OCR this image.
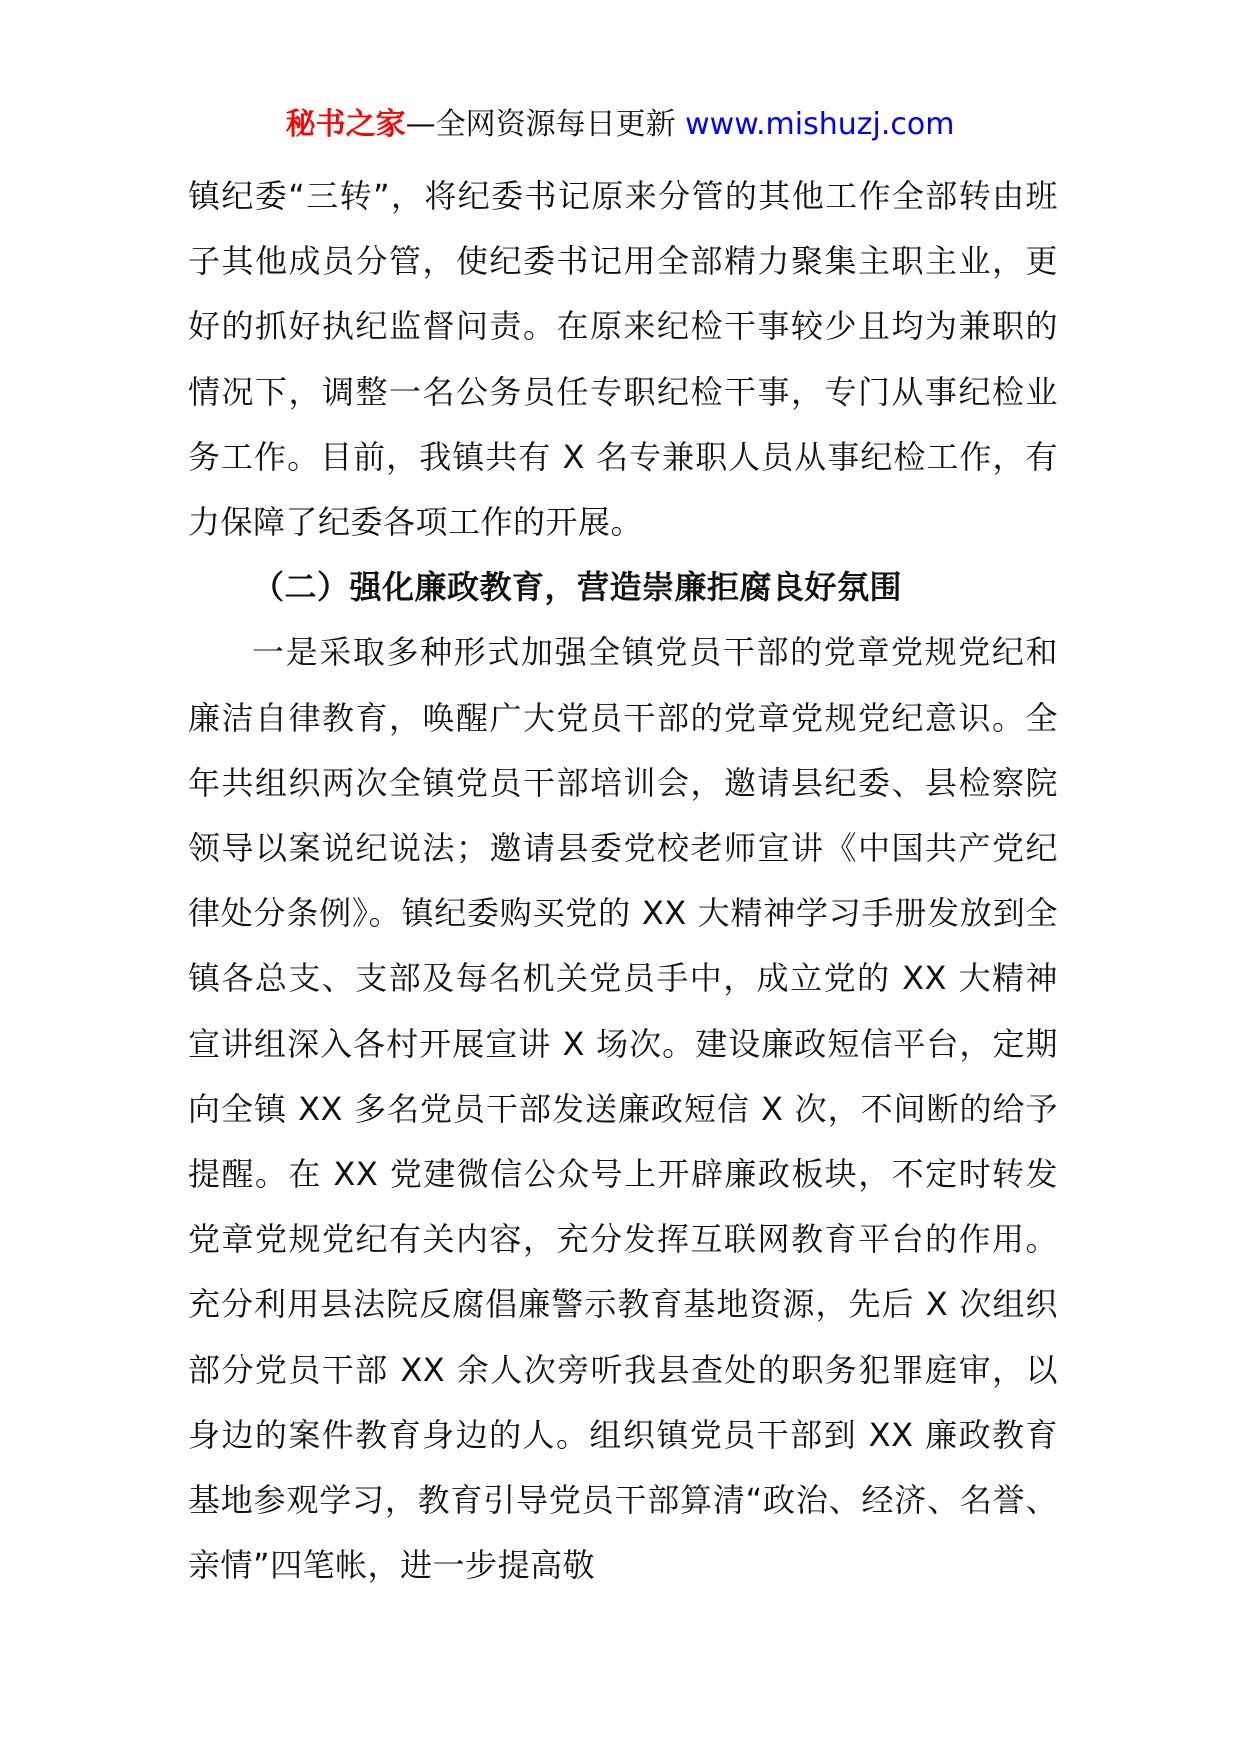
秘书之家—全网资源每日更新 www.mishuzj.com

镇纪委“三转”，将纪委书记原来分管的其他工作全部转由班子其他成员分管，使纪委书记用全部精力聚集主职主业，更好的抓好执纪监督问责。在原来纪检干事较少且均为兼职的情况下，调整一名公务员任专职纪检干事，专门从事纪检业务工作。目前，我镇共有 X 名专兼职人员从事纪检工作，有力保障了纪委各项工作的开展。

（二）强化廉政教育，营造崇廉拒腐良好氛围

一是采取多种形式加强全镇党员干部的党章党规党纪和廉洁自律教育，唤醒广大党员干部的党章党规党纪意识。全年共组织两次全镇党员干部培训会，邀请县纪委、县检察院领导以案说纪说法；邀请县委党校老师宣讲《中国共产党纪律处分条例》。镇纪委购买党的 XX 大精神学习手册发放到全镇各总支、支部及每名机关党员手中，成立党的 XX 大精神宣讲组深入各村开展宣讲 X 场次。建设廉政短信平台，定期向全镇 XX 多名党员干部发送廉政短信 X 次，不间断的给予提醒。在 XX 党建微信公众号上开辟廉政板块，不定时转发党章党规党纪有关内容，充分发挥互联网教育平台的作用。充分利用县法院反腐倡廉警示教育基地资源，先后 X 次组织部分党员干部 XX 余人次旁听我县查处的职务犯罪庭审，以身边的案件教育身边的人。组织镇党员干部到 XX 廉政教育基地参观学习，教育引导党员干部算清“政治、经济、名誉、亲情”四笔帐，进一步提高敬
